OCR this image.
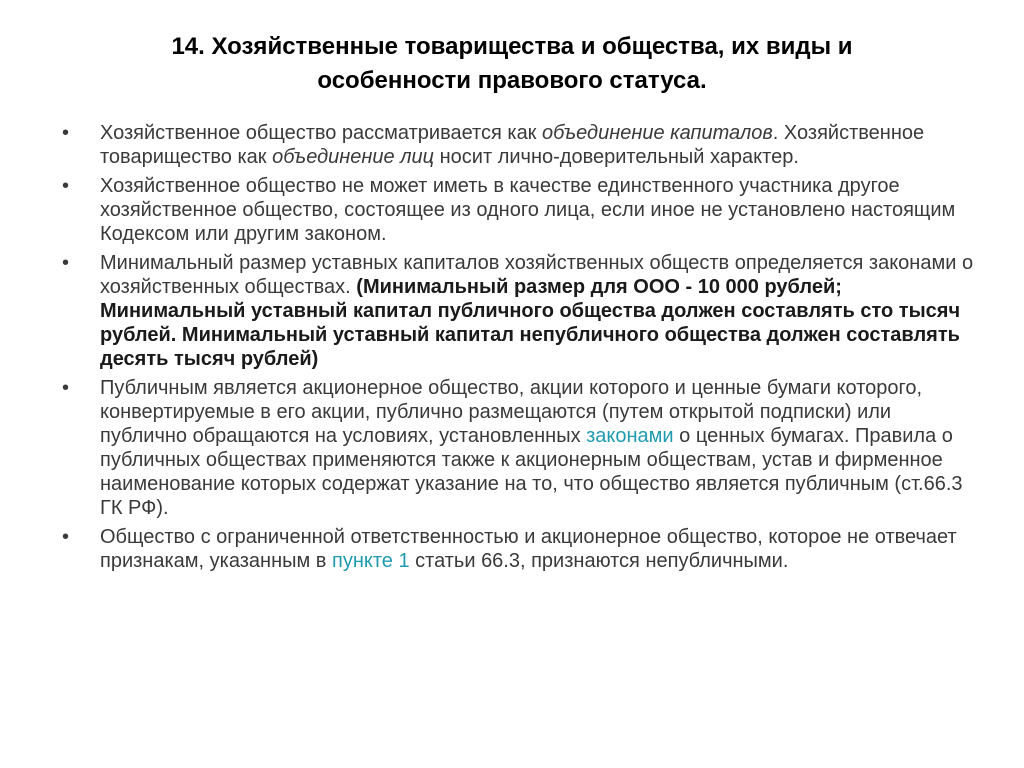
14. Хозяйственные товарищества и общества, их виды и
особенности правового статуса.
• Хозяйственное общество рассматривается как объединение капиталов. Хозяйственное товарищество как объединение лиц носит лично-доверительный характер.
• Хозяйственное общество не может иметь в качестве единственного участника другое хозяйственное общество, состоящее из одного лица, если иное не установлено настоящим Кодексом или другим законом.
• Минимальный размер уставных капиталов хозяйственных обществ определяется законами о хозяйственных обществах. (Минимальный размер для ООО - 10 000 рублей; Минимальный уставный капитал публичного общества должен составлять сто тысяч рублей. Минимальный уставный капитал непубличного общества должен составлять десять тысяч рублей)
• Публичным является акционерное общество, акции которого и ценные бумаги которого, конвертируемые в его акции, публично размещаются (путем открытой подписки) или публично обращаются на условиях, установленных законами о ценных бумагах. Правила о публичных обществах применяются также к акционерным обществам, устав и фирменное наименование которых содержат указание на то, что общество является публичным (ст.66.3 ГК РФ).
• Общество с ограниченной ответственностью и акционерное общество, которое не отвечает признакам, указанным в пункте 1 статьи 66.3, признаются непубличными.
